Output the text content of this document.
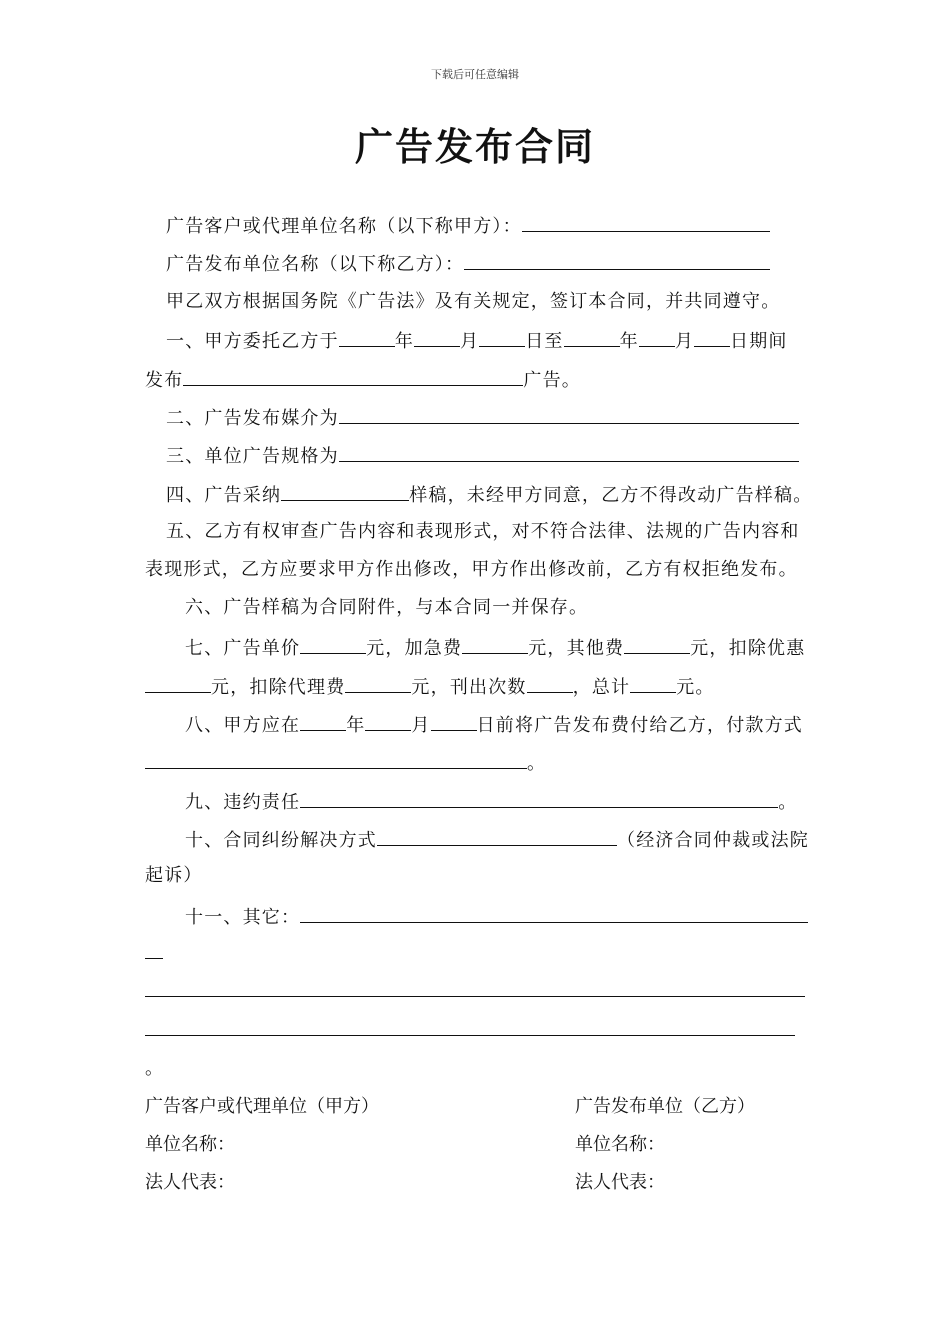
下载后可任意编辑
广告发布合同
广告客户或代理单位名称（以下称甲方）：
广告发布单位名称（以下称乙方）：
甲乙双方根据国务院《广告法》及有关规定，签订本合同，并共同遵守。
一、甲方委托乙方于	年	月	日至	年 月 日期间
发布	广告。
二、广告发布媒介为
三、单位广告规格为
四、广告采纳	样稿，未经甲方同意，乙方不得改动广告样稿。
五、乙方有权审查广告内容和表现形式，对不符合法律、法规的广告内容和
表现形式，乙方应要求甲方作出修改，甲方作出修改前，乙方有权拒绝发布。
六、广告样稿为合同附件，与本合同一并保存。
七、广告单价	元，加急费	元，其他费	元，扣除优惠
元，扣除代理费	元，刊出次数	，总计	元。
八、甲方应在	年	月	日前将广告发布费付给乙方，付款方式
。
九、违约责任	。
十、合同纠纷解决方式	（经济合同仲裁或法院
起诉）
十一、其它：
。
广告客户或代理单位（甲方）	广告发布单位（乙方）
单位名称：	单位名称：
法人代表：	法人代表：
